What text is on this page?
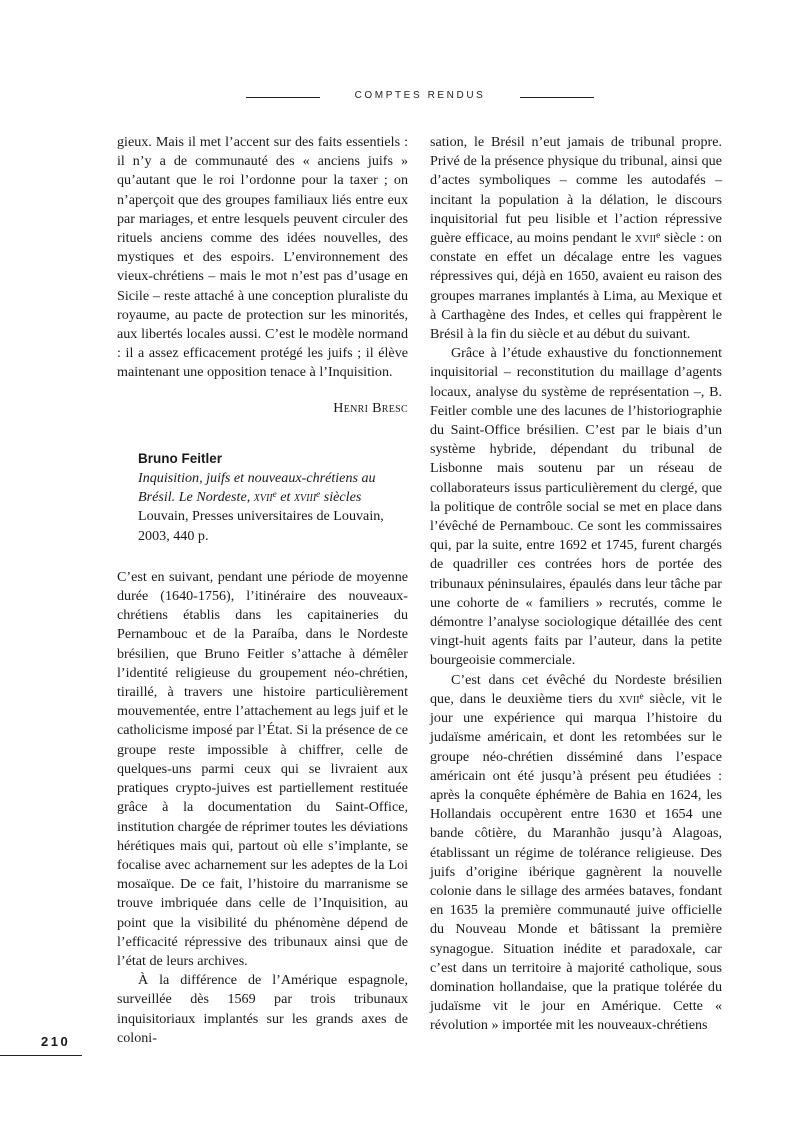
COMPTES RENDUS

gieux. Mais il met l’accent sur des faits essentiels : il n’y a de communauté des « anciens juifs » qu’autant que le roi l’ordonne pour la taxer ; on n’aperçoit que des groupes familiaux liés entre eux par mariages, et entre lesquels peuvent circuler des rituels anciens comme des idées nouvelles, des mystiques et des espoirs. L’environnement des vieux-chrétiens – mais le mot n’est pas d’usage en Sicile – reste attaché à une conception pluraliste du royaume, au pacte de protection sur les minorités, aux libertés locales aussi. C’est le modèle normand : il a assez efficacement protégé les juifs ; il élève maintenant une opposition tenace à l’Inquisition.

Henri Bresc
Bruno Feitler
Inquisition, juifs et nouveaux-chrétiens au Brésil. Le Nordeste, xvii$^e$ et xviii$^e$ siècles
Louvain, Presses universitaires de Louvain, 2003, 440 p.

C’est en suivant, pendant une période de moyenne durée (1640-1756), l’itinéraire des nouveaux-chrétiens établis dans les capitaineries du Pernambouc et de la Paraíba, dans le Nordeste brésilien, que Bruno Feitler s’attache à démêler l’identité religieuse du groupement néo-chrétien, tiraillé, à travers une histoire particulièrement mouvementée, entre l’attachement au legs juif et le catholicisme imposé par l’État. Si la présence de ce groupe reste impossible à chiffrer, celle de quelques-uns parmi ceux qui se livraient aux pratiques crypto-juives est partiellement restituée grâce à la documentation du Saint-Office, institution chargée de réprimer toutes les déviations hérétiques mais qui, partout où elle s’implante, se focalise avec acharnement sur les adeptes de la Loi mosaïque. De ce fait, l’histoire du marranisme se trouve imbriquée dans celle de l’Inquisition, au point que la visibilité du phénomène dépend de l’efficacité répressive des tribunaux ainsi que de l’état de leurs archives.

À la différence de l’Amérique espagnole, surveillée dès 1569 par trois tribunaux inquisitoriaux implantés sur les grands axes de coloni-

sation, le Brésil n’eut jamais de tribunal propre. Privé de la présence physique du tribunal, ainsi que d’actes symboliques – comme les autodafés – incitant la population à la délation, le discours inquisitorial fut peu lisible et l’action répressive guère efficace, au moins pendant le xvii$^e$ siècle : on constate en effet un décalage entre les vagues répressives qui, déjà en 1650, avaient eu raison des groupes marranes implantés à Lima, au Mexique et à Carthagène des Indes, et celles qui frappèrent le Brésil à la fin du siècle et au début du suivant.

Grâce à l’étude exhaustive du fonctionnement inquisitorial – reconstitution du maillage d’agents locaux, analyse du système de représentation –, B. Feitler comble une des lacunes de l’historiographie du Saint-Office brésilien. C’est par le biais d’un système hybride, dépendant du tribunal de Lisbonne mais soutenu par un réseau de collaborateurs issus particulièrement du clergé, que la politique de contrôle social se met en place dans l’évêché de Pernambouc. Ce sont les commissaires qui, par la suite, entre 1692 et 1745, furent chargés de quadriller ces contrées hors de portée des tribunaux péninsulaires, épaulés dans leur tâche par une cohorte de « familiers » recrutés, comme le démontre l’analyse sociologique détaillée des cent vingt-huit agents faits par l’auteur, dans la petite bourgeoisie commerciale.

C’est dans cet évêché du Nordeste brésilien que, dans le deuxième tiers du xvii$^e$ siècle, vit le jour une expérience qui marqua l’histoire du judaïsme américain, et dont les retombées sur le groupe néo-chrétien disséminé dans l’espace américain ont été jusqu’à présent peu étudiées : après la conquête éphémère de Bahia en 1624, les Hollandais occupèrent entre 1630 et 1654 une bande côtière, du Maranhão jusqu’à Alagoas, établissant un régime de tolérance religieuse. Des juifs d’origine ibérique gagnèrent la nouvelle colonie dans le sillage des armées bataves, fondant en 1635 la première communauté juive officielle du Nouveau Monde et bâtissant la première synagogue. Situation inédite et paradoxale, car c’est dans un territoire à majorité catholique, sous domination hollandaise, que la pratique tolérée du judaïsme vit le jour en Amérique. Cette « révolution » importée mit les nouveaux-chrétiens

210
